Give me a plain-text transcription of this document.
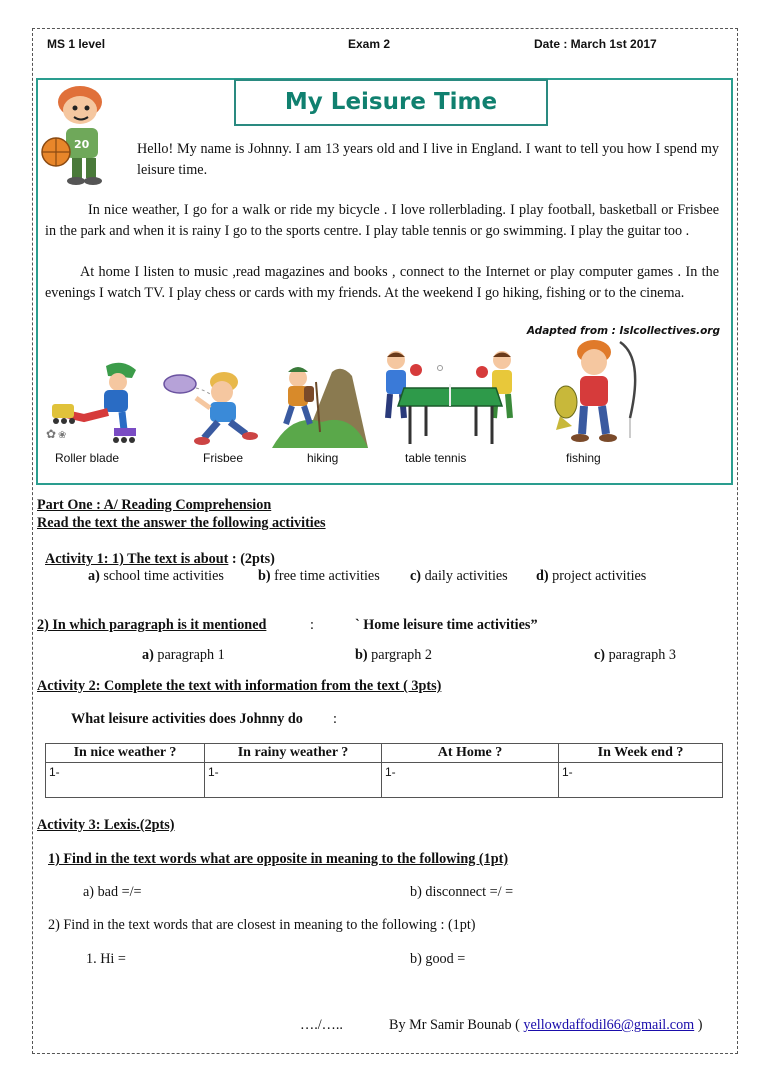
MS 1 level	Exam 2	Date : March 1st 2017
My Leisure Time
20	Hello! My name is Johnny. I am 13 years old and I live in England. I want to tell you how I spend my leisure time.
In nice weather, I go for a walk or ride my bicycle . I love rollerblading. I play football, basketball or Frisbee in the park and when it is rainy I go to the sports centre. I play table tennis or go swimming. I play the guitar too .
At home I listen to music ,read magazines and books , connect to the Internet or play computer games . In the evenings I watch TV. I play chess or cards with my friends. At the weekend I go hiking, fishing or to the cinema.
Adapted from : Islcollectives.org
✿ ❀
Roller blade	Frisbee	hiking	table tennis	fishing
Part One : A/ Reading Comprehension
Read the text the answer the following activities
Activity 1: 1) The text is about : (2pts)
a) school time activities b) free time activities c) daily activities d) project activities
2) In which paragraph is it mentioned	:	` Home leisure time activities”
a) paragraph 1	b) pargraph 2	c) paragraph 3
Activity 2: Complete the text with information from the text ( 3pts)
What leisure activities does Johnny do :
In nice weather ?	In rainy weather ?	At Home ?	In Week end ?
1-	1-	1-	1-
Activity 3: Lexis.(2pts)
1) Find in the text words what are opposite in meaning to the following (1pt)
a) bad =/=	b) disconnect =/ =
2) Find in the text words that are closest in meaning to the following : (1pt)
1. Hi =	b) good =
…./…..	By Mr Samir Bounab ( yellowdaffodil66@gmail.com )
